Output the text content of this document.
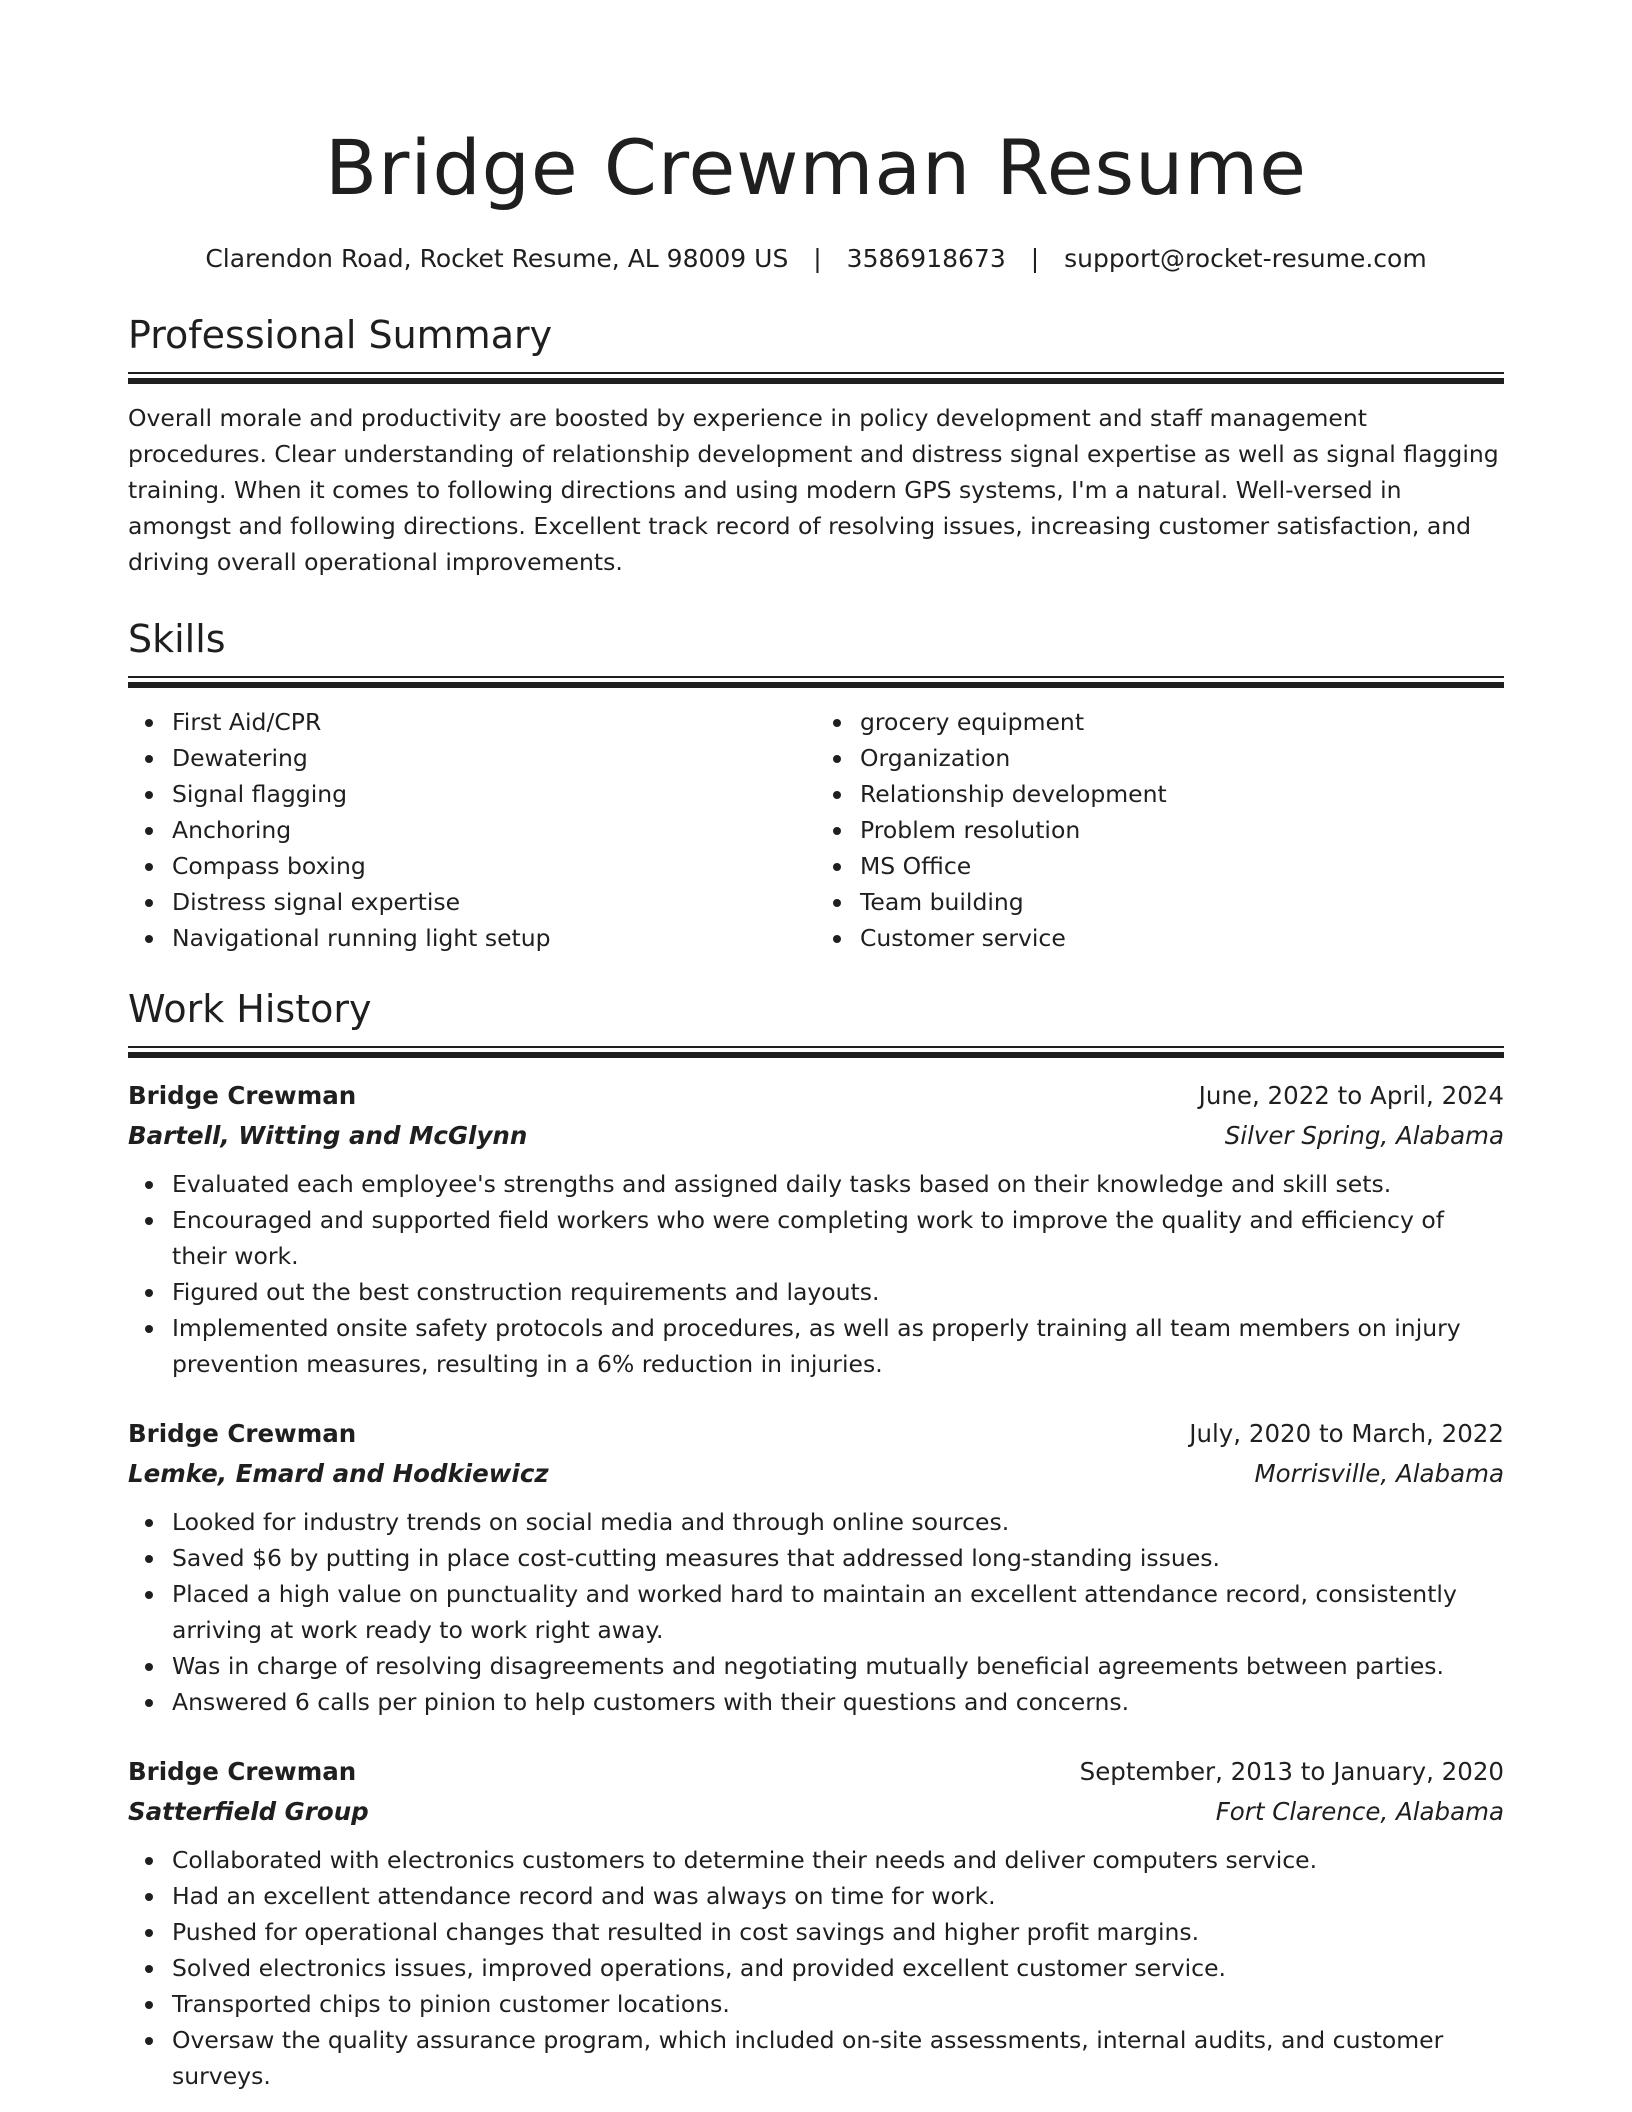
Bridge Crewman Resume
Clarendon Road, Rocket Resume, AL 98009 US | 3586918673 | support@rocket-resume.com
Professional Summary
Overall morale and productivity are boosted by experience in policy development and staff management procedures. Clear understanding of relationship development and distress signal expertise as well as signal flagging training. When it comes to following directions and using modern GPS systems, I'm a natural. Well-versed in amongst and following directions. Excellent track record of resolving issues, increasing customer satisfaction, and driving overall operational improvements.
Skills
First Aid/CPR
Dewatering
Signal flagging
Anchoring
Compass boxing
Distress signal expertise
Navigational running light setup
grocery equipment
Organization
Relationship development
Problem resolution
MS Office
Team building
Customer service
Work History
Bridge Crewman	June, 2022 to April, 2024
Bartell, Witting and McGlynn	Silver Spring, Alabama
Evaluated each employee's strengths and assigned daily tasks based on their knowledge and skill sets.
Encouraged and supported field workers who were completing work to improve the quality and efficiency of their work.
Figured out the best construction requirements and layouts.
Implemented onsite safety protocols and procedures, as well as properly training all team members on injury prevention measures, resulting in a 6% reduction in injuries.
Bridge Crewman	July, 2020 to March, 2022
Lemke, Emard and Hodkiewicz	Morrisville, Alabama
Looked for industry trends on social media and through online sources.
Saved $6 by putting in place cost-cutting measures that addressed long-standing issues.
Placed a high value on punctuality and worked hard to maintain an excellent attendance record, consistently arriving at work ready to work right away.
Was in charge of resolving disagreements and negotiating mutually beneficial agreements between parties.
Answered 6 calls per pinion to help customers with their questions and concerns.
Bridge Crewman	September, 2013 to January, 2020
Satterfield Group	Fort Clarence, Alabama
Collaborated with electronics customers to determine their needs and deliver computers service.
Had an excellent attendance record and was always on time for work.
Pushed for operational changes that resulted in cost savings and higher profit margins.
Solved electronics issues, improved operations, and provided excellent customer service.
Transported chips to pinion customer locations.
Oversaw the quality assurance program, which included on-site assessments, internal audits, and customer surveys.
